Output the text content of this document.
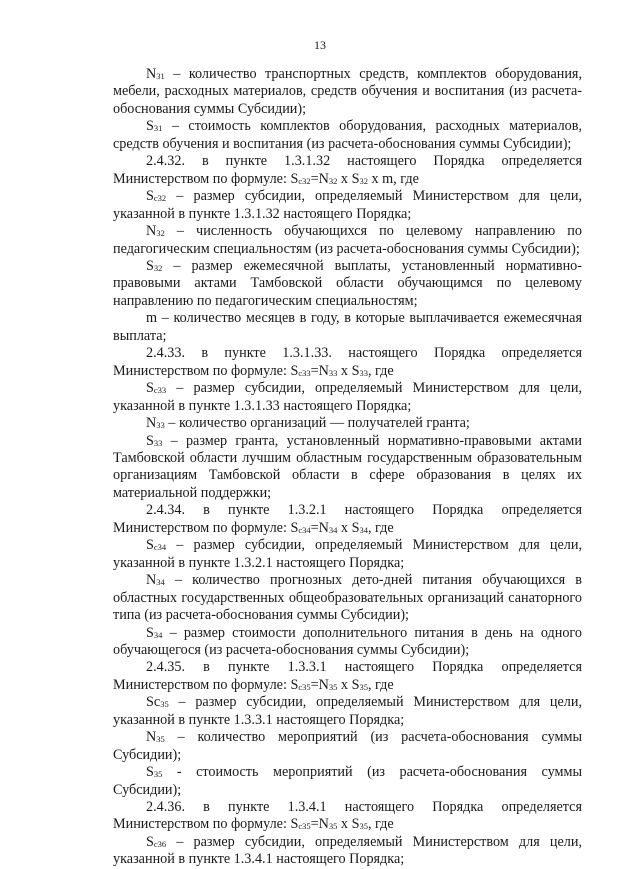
13

$N_{31}$ – количество транспортных средств, комплектов оборудования, мебели, расходных материалов, средств обучения и воспитания (из расчета-обоснования суммы Субсидии);

$S_{31}$ – стоимость комплектов оборудования, расходных материалов, средств обучения и воспитания (из расчета-обоснования суммы Субсидии);

2.4.32. в пункте 1.3.1.32 настоящего Порядка определяется Министерством по формуле: $S_{с32}=N_{32}$ x $S_{32}$ x m, где

$S_{с32}$ – размер субсидии, определяемый Министерством для цели, указанной в пункте 1.3.1.32 настоящего Порядка;

$N_{32}$ – численность обучающихся по целевому направлению по педагогическим специальностям (из расчета-обоснования суммы Субсидии);

$S_{32}$ – размер ежемесячной выплаты, установленный нормативно-правовыми актами Тамбовской области обучающимся по целевому направлению по педагогическим специальностям;

m – количество месяцев в году, в которые выплачивается ежемесячная выплата;

2.4.33. в пункте 1.3.1.33. настоящего Порядка определяется Министерством по формуле: $S_{с33}=N_{33}$ x $S_{33}$, где

$S_{с33}$ – размер субсидии, определяемый Министерством для цели, указанной в пункте 1.3.1.33 настоящего Порядка;

$N_{33}$ – количество организаций — получателей гранта;

$S_{33}$ – размер гранта, установленный нормативно-правовыми актами Тамбовской области лучшим областным государственным образовательным организациям Тамбовской области в сфере образования в целях их материальной поддержки;

2.4.34. в пункте 1.3.2.1 настоящего Порядка определяется Министерством по формуле: $S_{с34}=N_{34}$ x $S_{34}$, где

$S_{с34}$ – размер субсидии, определяемый Министерством для цели, указанной в пункте 1.3.2.1 настоящего Порядка;

$N_{34}$ – количество прогнозных дето-дней питания обучающихся в областных государственных общеобразовательных организаций санаторного типа (из расчета-обоснования суммы Субсидии);

$S_{34}$ – размер стоимости дополнительного питания в день на одного обучающегося (из расчета-обоснования суммы Субсидии);

2.4.35. в пункте 1.3.3.1 настоящего Порядка определяется Министерством по формуле: $S_{с35}=N_{35}$ x $S_{35}$, где

$Sc_{35}$ – размер субсидии, определяемый Министерством для цели, указанной в пункте 1.3.3.1 настоящего Порядка;

$N_{35}$ – количество мероприятий (из расчета-обоснования суммы Субсидии);

$S_{35}$ - стоимость мероприятий (из расчета-обоснования суммы Субсидии);

2.4.36. в пункте 1.3.4.1 настоящего Порядка определяется Министерством по формуле: $S_{с35}=N_{35}$ x $S_{35}$, где

$S_{с36}$ – размер субсидии, определяемый Министерством для цели, указанной в пункте 1.3.4.1 настоящего Порядка;
